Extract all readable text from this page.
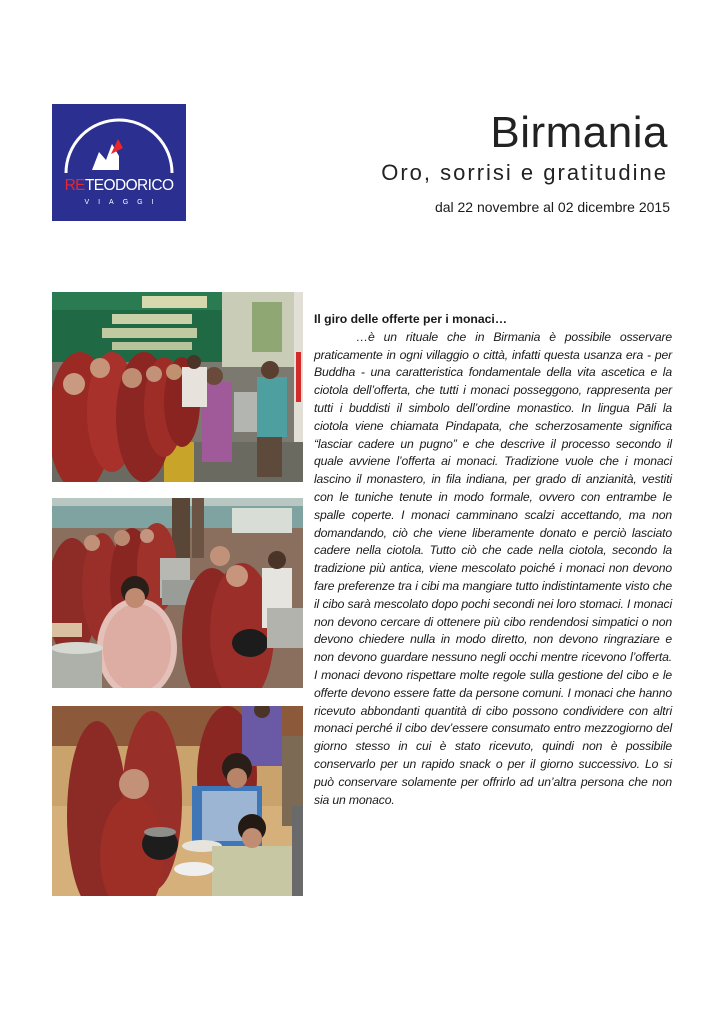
RETEODORICO
VIAGGI
Birmania
Oro, sorrisi e gratitudine
dal 22 novembre al 02 dicembre 2015

Il giro delle offerte per i monaci…

…è un rituale che in Birmania è possibile osservare praticamente in ogni villaggio o città, infatti questa usanza era - per Buddha - una caratteristica fondamentale della vita ascetica e la ciotola dell’offerta, che tutti i monaci posseggono, rappresenta per tutti i buddisti il simbolo dell’ordine monastico. In lingua Pāli la ciotola viene chiamata Pindapata, che scherzosamente significa “lasciar cadere un pugno” e che descrive il processo secondo il quale avviene l’offerta ai monaci. Tradizione vuole che i monaci lascino il monastero, in fila indiana, per grado di anzianità, vestiti con le tuniche tenute in modo formale, ovvero con entrambe le spalle coperte. I monaci camminano scalzi accettando, ma non domandando, ciò che viene liberamente donato e perciò lasciato cadere nella ciotola. Tutto ciò che cade nella ciotola, secondo la tradizione più antica, viene mescolato poiché i monaci non devono fare preferenze tra i cibi ma mangiare tutto indistintamente visto che il cibo sarà mescolato dopo pochi secondi nei loro stomaci. I monaci non devono cercare di ottenere più cibo rendendosi simpatici o non devono chiedere nulla in modo diretto, non devono ringraziare e non devono guardare nessuno negli occhi mentre ricevono l’offerta. I monaci devono rispettare molte regole sulla gestione del cibo e le offerte devono essere fatte da persone comuni. I monaci che hanno ricevuto abbondanti quantità di cibo possono condividere con altri monaci perché il cibo dev’essere consumato entro mezzogiorno del giorno stesso in cui è stato ricevuto, quindi non è possibile conservarlo per un rapido snack o per il giorno successivo. Lo si può conservare solamente per offrirlo ad un’altra persona che non sia un monaco.
